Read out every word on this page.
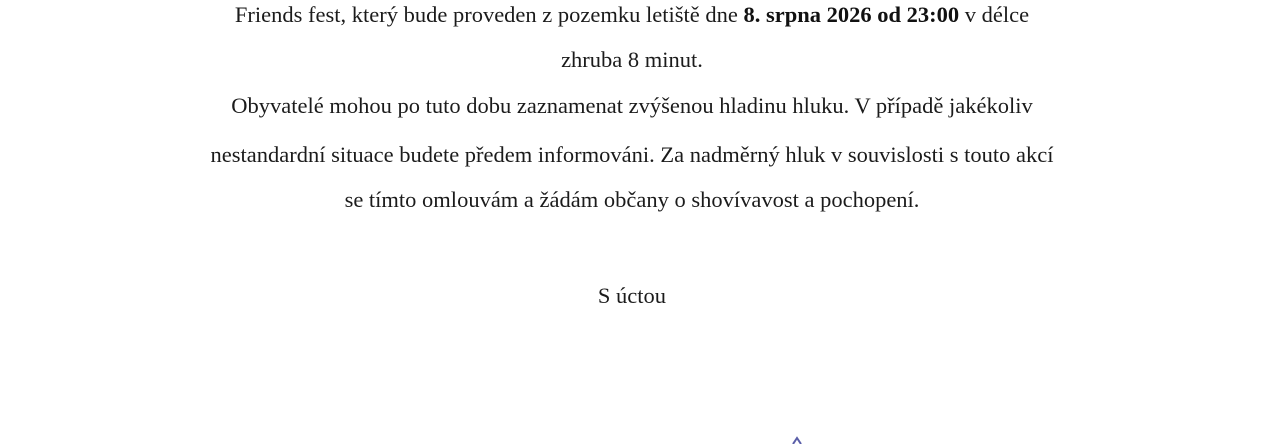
Friends fest, který bude proveden z pozemku letiště dne 8. srpna 2026 od 23:00 v délce
zhruba 8 minut.
Obyvatelé mohou po tuto dobu zaznamenat zvýšenou hladinu hluku. V případě jakékoliv
nestandardní situace budete předem informováni. Za nadměrný hluk v souvislosti s touto akcí
se tímto omlouvám a žádám občany o shovívavost a pochopení.
S úctou
